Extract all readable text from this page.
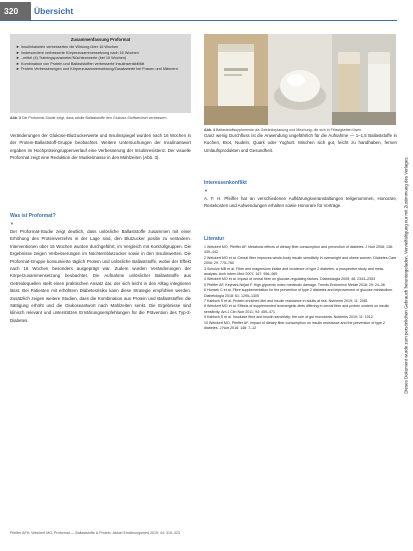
320	Übersicht
Zusammenfassung Proformat
► Insulinkalorien verbesserten die Wirkung über 16 Wochen
► Insbesondere verbesserte Körperzusammensetzung nach 16 Wochen
► –mittel (4) Trainingsparameter/Nüchternwerte (bei 10 Wochen)
► Kombination von Protein und Ballaststoffen verbesserte Insulinsensibilität
► Protein Verbesserungen und Körperzusammensetzung/Zusatzwerte bei Frauen und Männern
Abb. 3 Die Proformat-Studie zeigt, dass adulte Ballaststoffe den Glukose-Stoffwechsel verbessern.
Abb. 4 Ballaststoffsupplemente als Getränkeplanung und Mischung, die sich in Flüssigkeiten lösen.

Veränderungen der Glukose-Blutzuckerwerte und Insulinspiegel wurden nach 16 Wochen in der Protein-Ballaststoff-Gruppe beobachtet. Weitere Untersuchungen der Insulinantwort ergaben im Hochproteingruppenverlauf eine Verbesserung der Insulinresistenz. Der visuelle Proformat zeigt eine Reduktion der Muskelmasse in den Mahlzeiten (Abb. 3).

Was ist Proformat?
▼

Der Proformat-Studie zeigt deutlich, dass unlösliche Ballaststoffe zusammen mit einer Erhöhung des Proteinverzehrs in der Lage sind, den Blutzucker positiv zu verändern. Interventionen über 16 Wochen wurden durchgeführt, im Vergleich mit Kontrollgruppen. Die Ergebnisse zeigen Verbesserungen im Nüchternblutzucker sowie in den Insulinwerten. Die Proformat-Gruppe konsumierte täglich Protein und unlösliche Ballaststoffe, wobei der Effekt nach 16 Wochen besonders ausgeprägt war. Zudem wurden Veränderungen der Körperzusammensetzung beobachtet. Die Aufnahme unlöslicher Ballaststoffe aus Getreidequellen stellt einen praktischen Ansatz dar, der sich leicht in den Alltag integrieren lässt. Bei Patienten mit erhöhtem Diabetesrisiko kann diese Strategie empfohlen werden. Zusätzlich zeigen weitere Studien, dass die Kombination aus Protein und Ballaststoffen die Sättigung erhöht und die Glukoseantwort nach Mahlzeiten senkt. Die Ergebnisse sind klinisch relevant und unterstützen Ernährungsempfehlungen für die Prävention des Typ-2-Diabetes.

Ganz wenig Durchfluss ist die Anwendung ungefährlich für die Aufnahme — 1–1,5 Ballaststoffe in Kuchen, Brot, Nudeln, Quark oder Yoghurt. Mischen sich gut, leicht zu handhaben, fernen Umlaufsprodukten und Gesundheit.

Interessenkonflikt
▼

A. F. H. Pfeiffer hat an verschiedenen Aufklärungsveranstaltungen teilgenommen, Honorare, Reisekosten und Aufwendungen erhalten sowie Honorare für Vorträge.

Literatur
1 Weickert MO, Pfeiffer AF. Metabolic effects of dietary fiber consumption and prevention of diabetes. J Nutr 2008; 138: 439–442
2 Weickert MO et al. Cereal fiber improves whole-body insulin sensitivity in overweight and obese women. Diabetes Care 2006; 29: 775–780
3 Schulze MB et al. Fiber and magnesium intake and incidence of type 2 diabetes: a prospective study and meta-analysis. Arch Intern Med 2007; 167: 956–965
4 Weickert MO et al. Impact of cereal fibre on glucose-regulating factors. Diabetologia 2005; 48: 2343–2353
5 Pfeiffer AF, Keyhani-Nejad F. High glycemic index metabolic damage. Trends Endocrinol Metab 2018; 29: 24–36
6 Honsek C et al. Fibre supplementation for the prevention of type 2 diabetes and improvement of glucose metabolism. Diabetologia 2018; 61: 1295–1305
7 Kabisch S et al. Protein-enriched diet and insulin resistance in adults at risk. Nutrients 2019; 11: 2081
8 Weickert MO et al. Effects of supplemented isoenergetic diets differing in cereal fiber and protein content on insulin sensitivity. Am J Clin Nutr 2011; 94: 459–471
9 Kabisch S et al. Insoluble fibre and insulin sensitivity: the role of gut microbiota. Nutrients 2019; 11: 1012
10 Weickert MO, Pfeiffer AF. Impact of dietary fiber consumption on insulin resistance and the prevention of type 2 diabetes. J Nutr 2018; 148: 7–12
Pfeiffer AFH, Weickert MO. Proformat — Ballaststoffe & Protein. Aktuel Ernährungsmed 2019; 44: 319–323
Dieses Dokument wurde zum persönlichen Gebrauch heruntergeladen. Vervielfältigung nur mit Zustimmung des Verlages.
